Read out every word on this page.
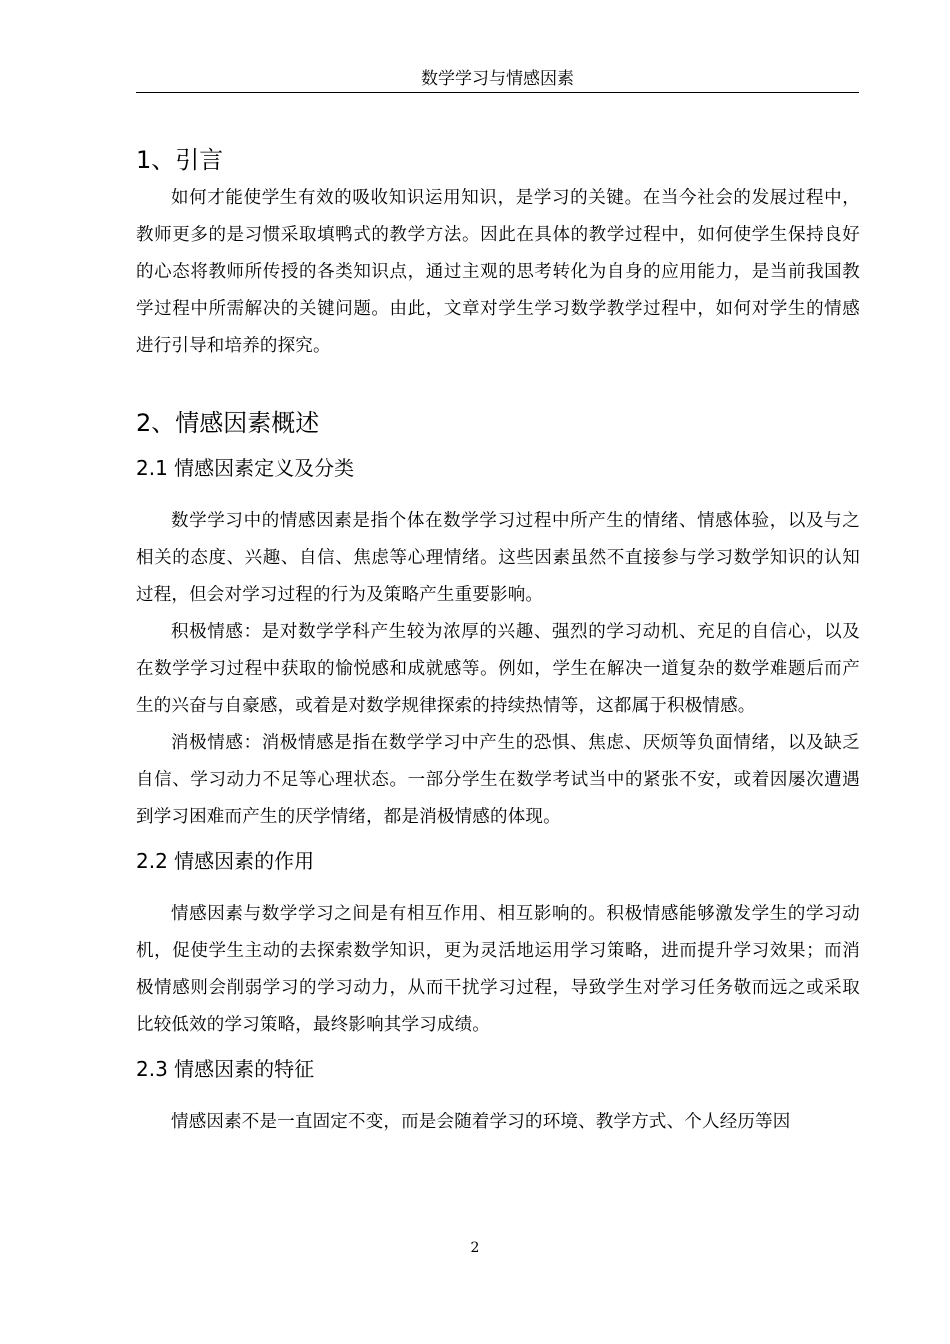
数学学习与情感因素
1、引言

如何才能使学生有效的吸收知识运用知识，是学习的关键。在当今社会的发展过程中，教师更多的是习惯采取填鸭式的教学方法。因此在具体的教学过程中，如何使学生保持良好的心态将教师所传授的各类知识点，通过主观的思考转化为自身的应用能力，是当前我国教学过程中所需解决的关键问题。由此，文章对学生学习数学教学过程中，如何对学生的情感进行引导和培养的探究。

2、情感因素概述
2.1 情感因素定义及分类

数学学习中的情感因素是指个体在数学学习过程中所产生的情绪、情感体验，以及与之相关的态度、兴趣、自信、焦虑等心理情绪。这些因素虽然不直接参与学习数学知识的认知过程，但会对学习过程的行为及策略产生重要影响。

积极情感：是对数学学科产生较为浓厚的兴趣、强烈的学习动机、充足的自信心，以及在数学学习过程中获取的愉悦感和成就感等。例如，学生在解决一道复杂的数学难题后而产生的兴奋与自豪感，或着是对数学规律探索的持续热情等，这都属于积极情感。

消极情感：消极情感是指在数学学习中产生的恐惧、焦虑、厌烦等负面情绪，以及缺乏自信、学习动力不足等心理状态。一部分学生在数学考试当中的紧张不安，或着因屡次遭遇到学习困难而产生的厌学情绪，都是消极情感的体现。

2.2 情感因素的作用

情感因素与数学学习之间是有相互作用、相互影响的。积极情感能够激发学生的学习动机，促使学生主动的去探索数学知识，更为灵活地运用学习策略，进而提升学习效果；而消极情感则会削弱学习的学习动力，从而干扰学习过程，导致学生对学习任务敬而远之或采取比较低效的学习策略，最终影响其学习成绩。

2.3 情感因素的特征

情感因素不是一直固定不变，而是会随着学习的环境、教学方式、个人经历等因

2
